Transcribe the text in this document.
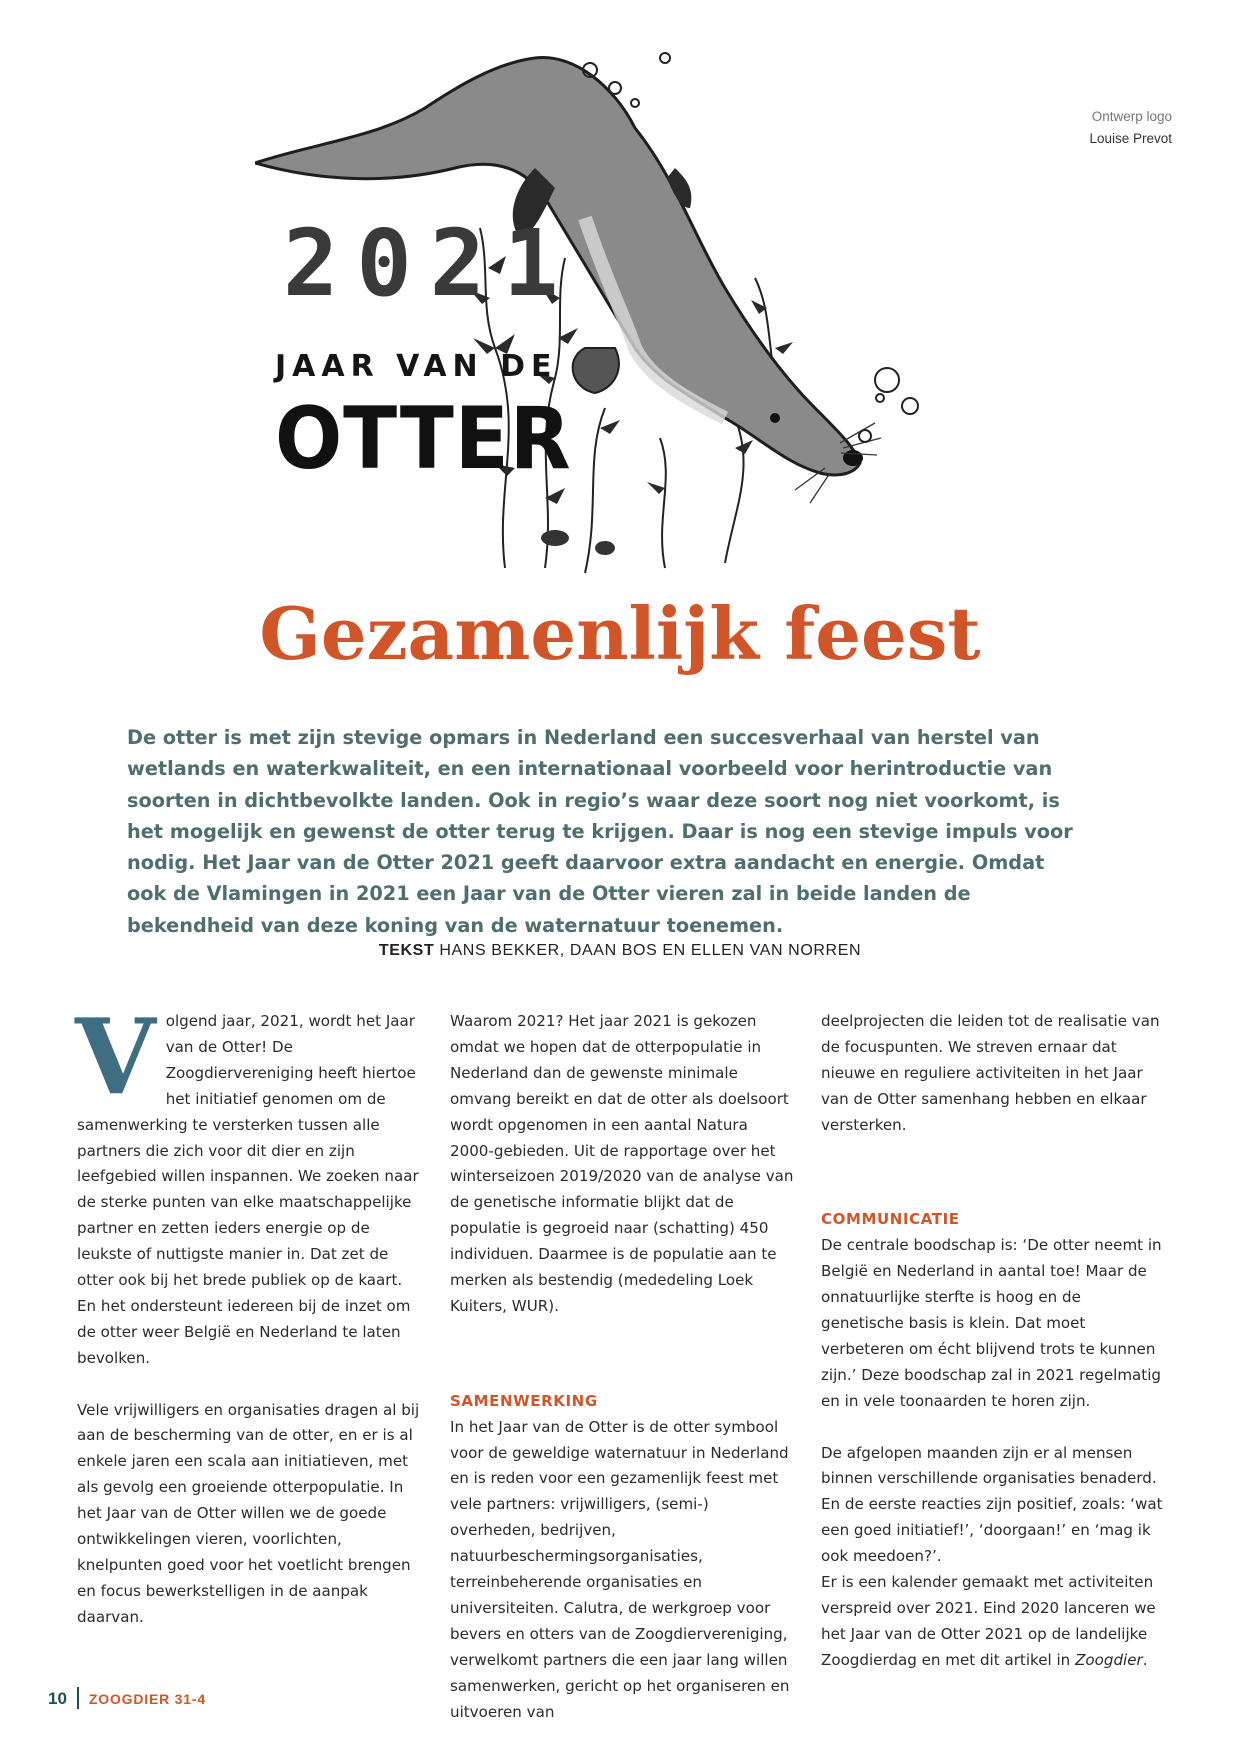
Ontwerp logo
Louise Prevot
2021
JAAR VAN DE
OTTER
Gezamenlijk feest
De otter is met zijn stevige opmars in Nederland een succesverhaal van herstel van wetlands en waterkwaliteit, en een internationaal voorbeeld voor herintroductie van soorten in dichtbevolkte landen. Ook in regio’s waar deze soort nog niet voorkomt, is het mogelijk en gewenst de otter terug te krijgen. Daar is nog een stevige impuls voor nodig. Het Jaar van de Otter 2021 geeft daarvoor extra aandacht en energie. Omdat ook de Vlamingen in 2021 een Jaar van de Otter vieren zal in beide landen de bekendheid van deze koning van de waternatuur toenemen.
TEKST HANS BEKKER, DAAN BOS EN ELLEN VAN NORREN

Volgend jaar, 2021, wordt het Jaar van de Otter! De Zoogdiervereniging heeft hiertoe het initiatief genomen om de samenwerking te versterken tussen alle partners die zich voor dit dier en zijn leefgebied willen inspannen. We zoeken naar de sterke punten van elke maatschappelijke partner en zetten ieders energie op de leukste of nuttigste manier in. Dat zet de otter ook bij het brede publiek op de kaart. En het ondersteunt iedereen bij de inzet om de otter weer België en Nederland te laten bevolken.

Vele vrijwilligers en organisaties dragen al bij aan de bescherming van de otter, en er is al enkele jaren een scala aan initiatieven, met als gevolg een groeiende otterpopulatie. In het Jaar van de Otter willen we de goede ontwikkelingen vieren, voorlichten, knelpunten goed voor het voetlicht brengen en focus bewerkstelligen in de aanpak daarvan.

Waarom 2021? Het jaar 2021 is gekozen omdat we hopen dat de otterpopulatie in Nederland dan de gewenste minimale omvang bereikt en dat de otter als doelsoort wordt opgenomen in een aantal Natura 2000-gebieden. Uit de rapportage over het winterseizoen 2019/2020 van de analyse van de genetische informatie blijkt dat de populatie is gegroeid naar (schatting) 450 individuen. Daarmee is de populatie aan te merken als bestendig (mededeling Loek Kuiters, WUR).

SAMENWERKING

In het Jaar van de Otter is de otter symbool voor de geweldige waternatuur in Nederland en is reden voor een gezamenlijk feest met vele partners: vrijwilligers, (semi-) overheden, bedrijven, natuurbeschermingsorganisaties, terreinbeherende organisaties en universiteiten. Calutra, de werkgroep voor bevers en otters van de Zoogdiervereniging, verwelkomt partners die een jaar lang willen samenwerken, gericht op het organiseren en uitvoeren van

deelprojecten die leiden tot de realisatie van de focuspunten. We streven ernaar dat nieuwe en reguliere activiteiten in het Jaar van de Otter samenhang hebben en elkaar versterken.

COMMUNICATIE

De centrale boodschap is: ‘De otter neemt in België en Nederland in aantal toe! Maar de onnatuurlijke sterfte is hoog en de genetische basis is klein. Dat moet verbeteren om écht blijvend trots te kunnen zijn.’ Deze boodschap zal in 2021 regelmatig en in vele toonaarden te horen zijn.

De afgelopen maanden zijn er al mensen binnen verschillende organisaties benaderd. En de eerste reacties zijn positief, zoals: ‘wat een goed initiatief!’, ‘doorgaan!’ en ‘mag ik ook meedoen?’.

Er is een kalender gemaakt met activiteiten verspreid over 2021. Eind 2020 lanceren we het Jaar van de Otter 2021 op de landelijke Zoogdierdag en met dit artikel in Zoogdier.

10 ZOOGDIER 31-4
